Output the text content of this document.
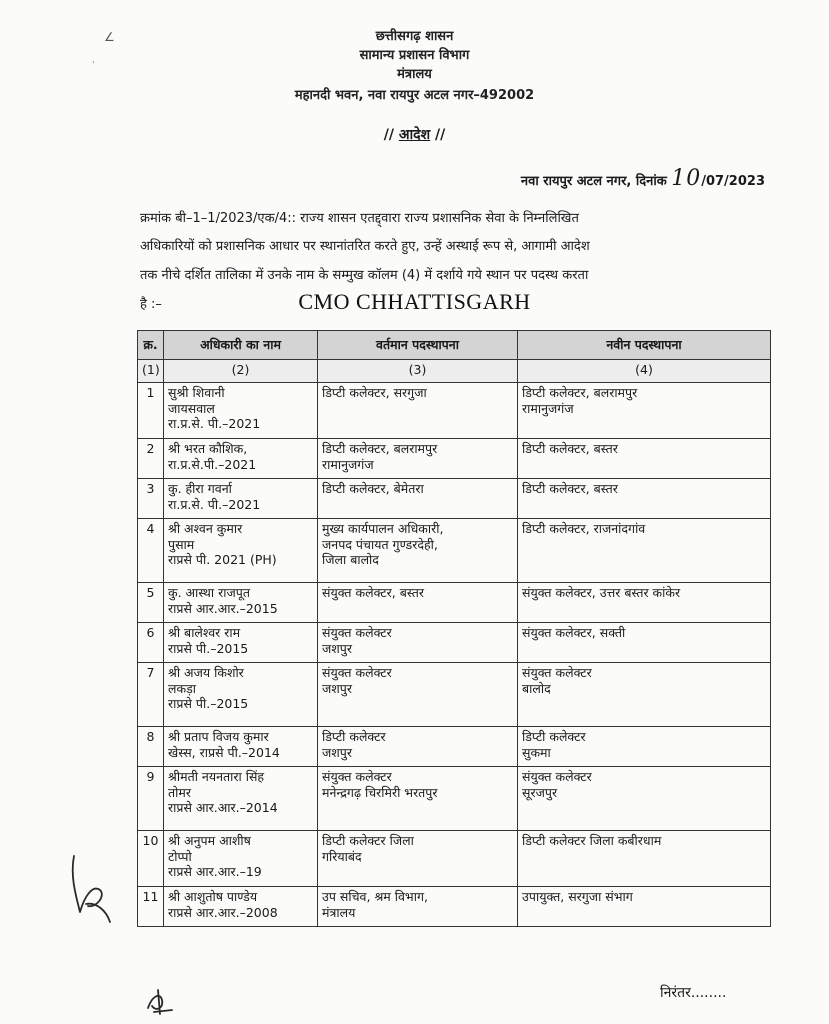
∠
·
छत्तीसगढ़ शासन
सामान्य प्रशासन विभाग
मंत्रालय
महानदी भवन, नवा रायपुर अटल नगर–492002
// आदेश //
नवा रायपुर अटल नगर, दिनांक 10/07/2023
क्रमांक बी–1–1/2023/एक/4:: राज्य शासन एतद्द्वारा राज्य प्रशासनिक सेवा के निम्नलिखित
अधिकारियों को प्रशासनिक आधार पर स्थानांतरित करते हुए, उन्हें अस्थाई रूप से, आगामी आदेश
तक नीचे दर्शित तालिका में उनके नाम के सम्मुख कॉलम (4) में दर्शाये गये स्थान पर पदस्थ करता
है :–	CMO CHHATTISGARH
क्र.	अधिकारी का नाम	वर्तमान पदस्थापना	नवीन पदस्थापना
(1)	(2)	(3)	(4)
1	सुश्री शिवानी
जायसवाल
रा.प्र.से. पी.–2021	डिप्टी कलेक्टर, सरगुजा	डिप्टी कलेक्टर, बलरामपुर
रामानुजगंज

2	श्री भरत कौशिक,
रा.प्र.से.पी.–2021	डिप्टी कलेक्टर, बलरामपुर
रामानुजगंज	डिप्टी कलेक्टर, बस्तर

3	कु. हीरा गवर्ना
रा.प्र.से. पी.–2021	डिप्टी कलेक्टर, बेमेतरा	डिप्टी कलेक्टर, बस्तर

4	श्री अश्वन कुमार
पुसाम
राप्रसे पी. 2021 (PH)	मुख्य कार्यपालन अधिकारी,
जनपद पंचायत गुण्डरदेही,
जिला बालोद	डिप्टी कलेक्टर, राजनांदगांव

5	कु. आस्था राजपूत
राप्रसे आर.आर.–2015	संयुक्त कलेक्टर, बस्तर	संयुक्त कलेक्टर, उत्तर बस्तर कांकेर

6	श्री बालेश्वर राम
राप्रसे पी.–2015	संयुक्त कलेक्टर
जशपुर	संयुक्त कलेक्टर, सक्ती

7	श्री अजय किशोर
लकड़ा
राप्रसे पी.–2015	संयुक्त कलेक्टर
जशपुर	संयुक्त कलेक्टर
बालोद

8	श्री प्रताप विजय कुमार
खेस्स, राप्रसे पी.–2014	डिप्टी कलेक्टर
जशपुर	डिप्टी कलेक्टर
सुकमा

9	श्रीमती नयनतारा सिंह
तोमर
राप्रसे आर.आर.–2014	संयुक्त कलेक्टर
मनेन्द्रगढ़ चिरमिरी भरतपुर	संयुक्त कलेक्टर
सूरजपुर

10	श्री अनुपम आशीष
टोप्पो
राप्रसे आर.आर.–19	डिप्टी कलेक्टर जिला
गरियाबंद	डिप्टी कलेक्टर जिला कबीरधाम

11	श्री आशुतोष पाण्डेय
राप्रसे आर.आर.–2008	उप सचिव, श्रम विभाग,
मंत्रालय	उपायुक्त, सरगुजा संभाग
निरंतर........
